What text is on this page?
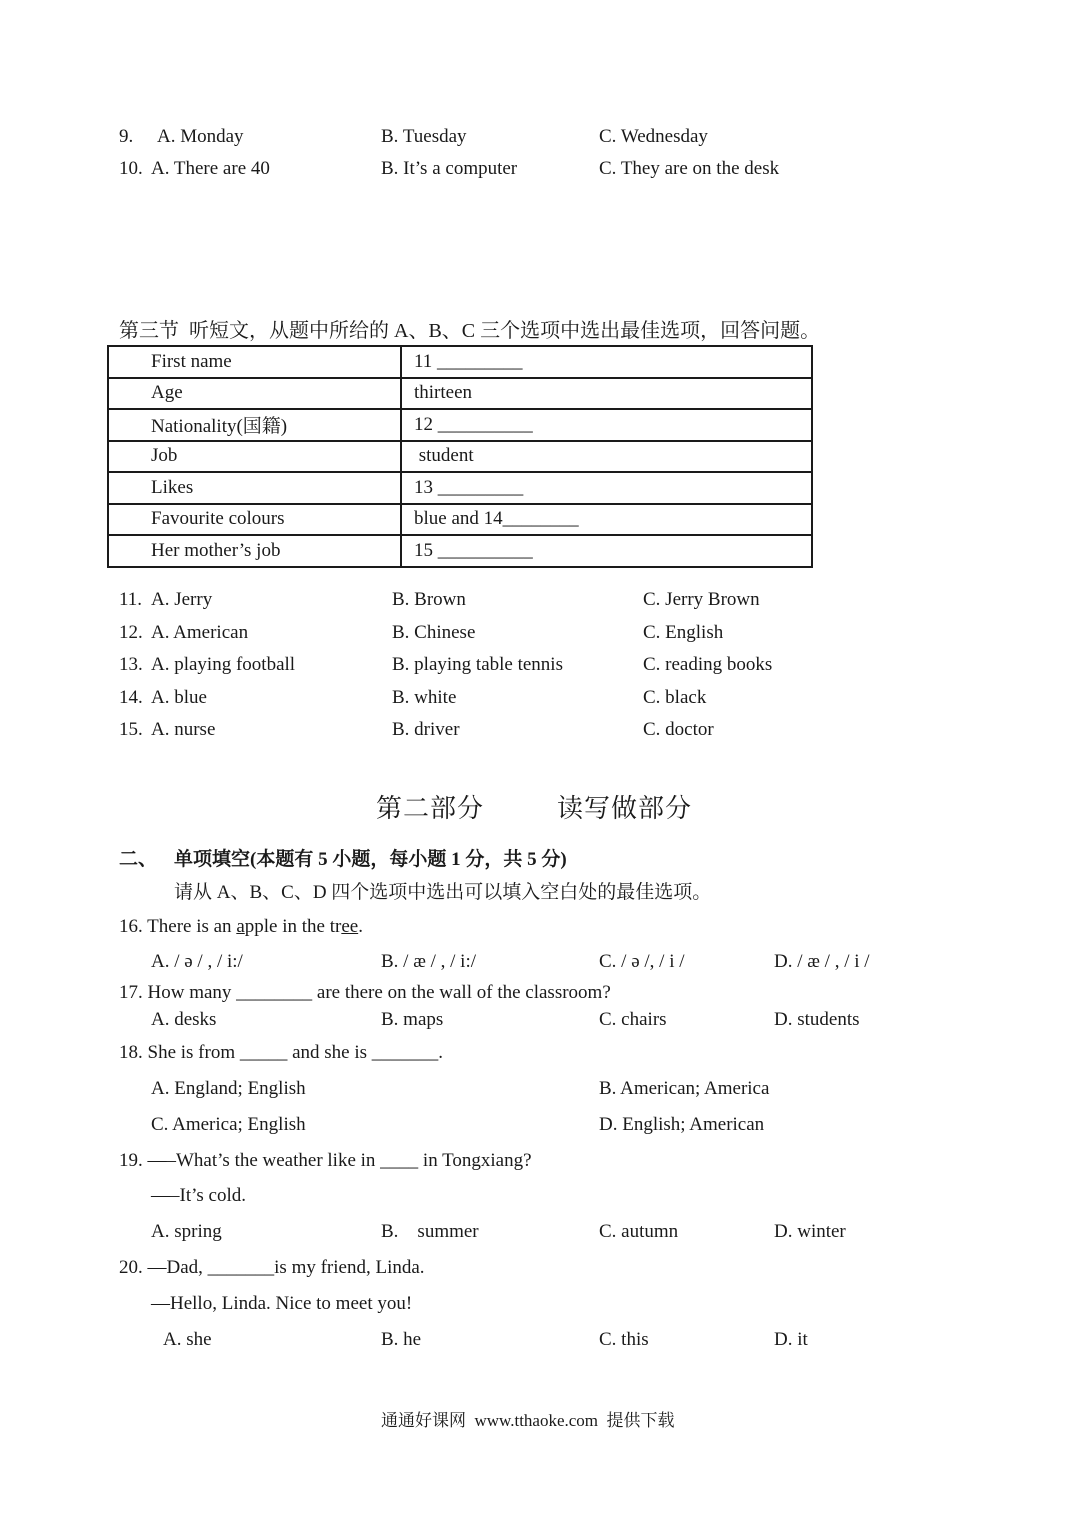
9. A. Monday	B. Tuesday	C. Wednesday
10. A. There are 40	B. It’s a computer	C. They are on the desk
第三节  听短文，从题中所给的 A、B、C 三个选项中选出最佳选项，回答问题。
First name	11 _________
Age	thirteen
Nationality(国籍)	12 __________
Job	student
Likes	13 _________
Favourite colours	blue and 14________
Her mother’s job	15 __________
11. A. Jerry	B. Brown	C. Jerry Brown
12. A. American	B. Chinese	C. English
13. A. playing football	B. playing table tennis	C. reading books
14. A. blue	B. white	C. black
15. A. nurse	B. driver	C. doctor
第二部分	读写做部分
二、 单项填空(本题有 5 小题，每小题 1 分，共 5 分)
请从 A、B、C、D 四个选项中选出可以填入空白处的最佳选项。
16. There is an apple in the tree.
A. / ə / , / i:/	B. / æ / , / i:/	C. / ə /, / i /	D. / æ / , / i /
17. How many ________ are there on the wall of the classroom?
A. desks	B. maps	C. chairs	D. students
18. She is from _____ and she is _______.
A. England; English	B. American; America
C. America; English	D. English; American
19. —–What’s the weather like in ____ in Tongxiang?
—–It’s cold.
A. spring	B.    summer	C. autumn	D. winter
20. —Dad, _______is my friend, Linda.
—Hello, Linda. Nice to meet you!
A. she	B. he	C. this	D. it
通通好课网  www.tthaoke.com  提供下载
